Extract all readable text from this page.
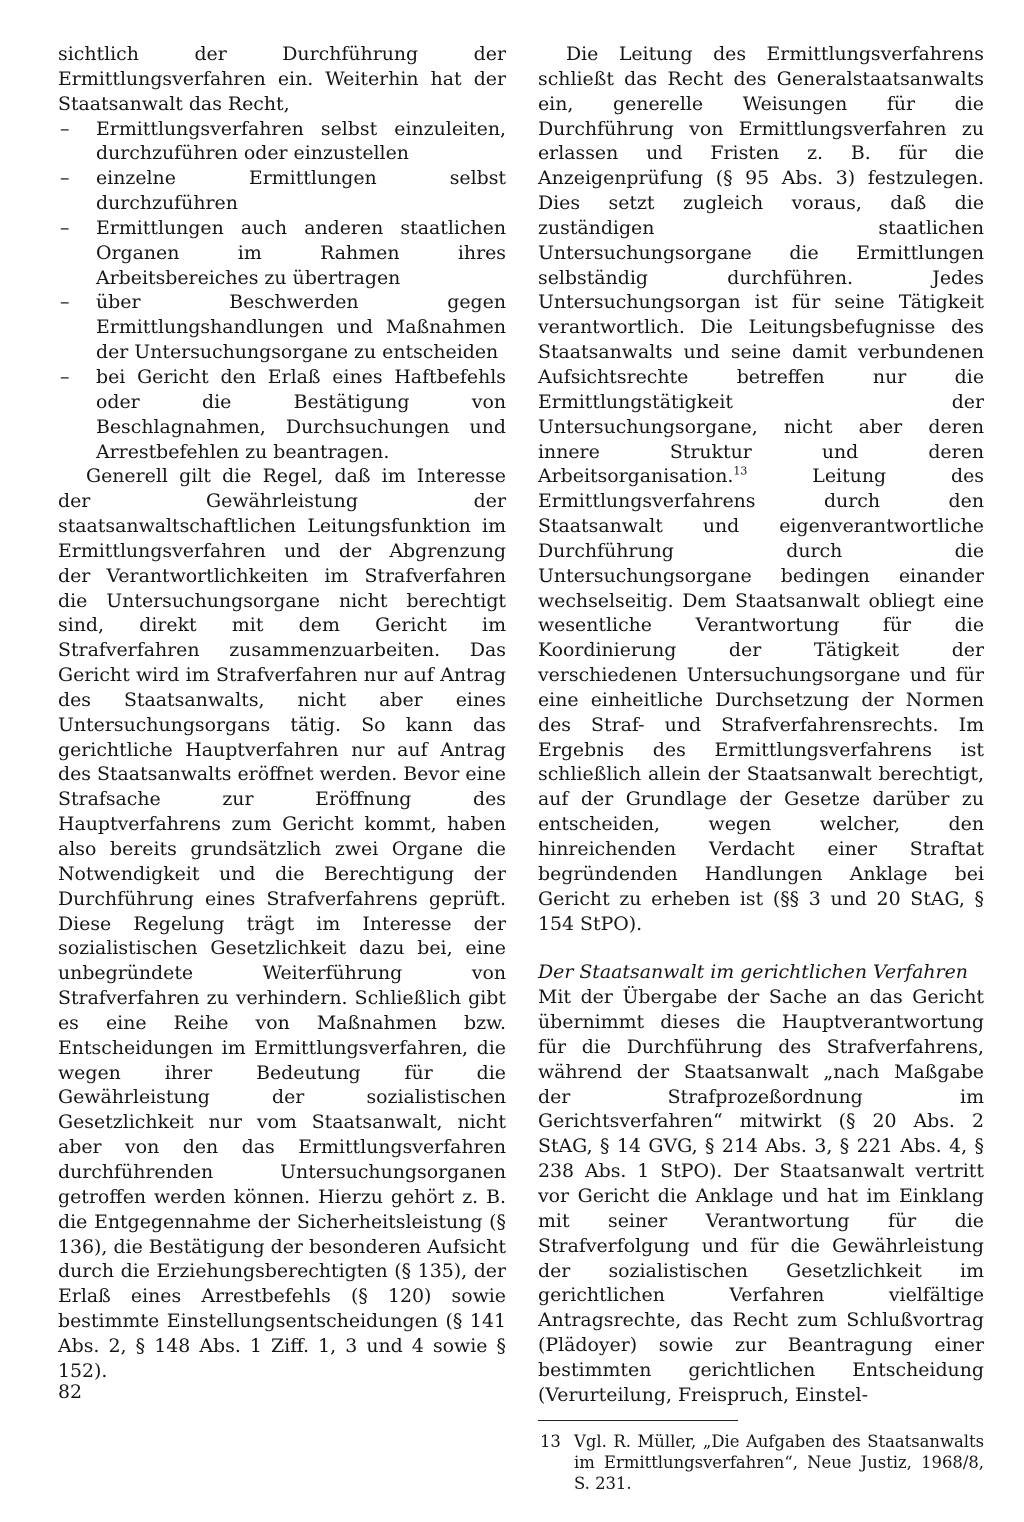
sichtlich der Durchführung der Ermittlungsverfahren ein. Weiterhin hat der Staatsanwalt das Recht,

– Ermittlungsverfahren selbst einzuleiten, durchzuführen oder einzustellen
– einzelne Ermittlungen selbst durchzuführen
– Ermittlungen auch anderen staatlichen Organen im Rahmen ihres Arbeitsbereiches zu übertragen
– über Beschwerden gegen Ermittlungshandlungen und Maßnahmen der Untersuchungsorgane zu entscheiden
– bei Gericht den Erlaß eines Haftbefehls oder die Bestätigung von Beschlagnahmen, Durchsuchungen und Arrestbefehlen zu beantragen.

Generell gilt die Regel, daß im Interesse der Gewährleistung der staatsanwaltschaftlichen Leitungsfunktion im Ermittlungsverfahren und der Abgrenzung der Verantwortlichkeiten im Strafverfahren die Untersuchungsorgane nicht berechtigt sind, direkt mit dem Gericht im Strafverfahren zusammenzuarbeiten. Das Gericht wird im Strafverfahren nur auf Antrag des Staatsanwalts, nicht aber eines Untersuchungsorgans tätig. So kann das gerichtliche Hauptverfahren nur auf Antrag des Staatsanwalts eröffnet werden. Bevor eine Strafsache zur Eröffnung des Hauptverfahrens zum Gericht kommt, haben also bereits grundsätzlich zwei Organe die Notwendigkeit und die Berechtigung der Durchführung eines Strafverfahrens geprüft. Diese Regelung trägt im Interesse der sozialistischen Gesetzlichkeit dazu bei, eine unbegründete Weiterführung von Strafverfahren zu verhindern. Schließlich gibt es eine Reihe von Maßnahmen bzw. Entscheidungen im Ermittlungsverfahren, die wegen ihrer Bedeutung für die Gewährleistung der sozialistischen Gesetzlichkeit nur vom Staatsanwalt, nicht aber von den das Ermittlungsverfahren durchführenden Untersuchungsorganen getroffen werden können. Hierzu gehört z. B. die Entgegennahme der Sicherheitsleistung (§ 136), die Bestätigung der besonderen Aufsicht durch die Erziehungsberechtigten (§ 135), der Erlaß eines Arrestbefehls (§ 120) sowie bestimmte Einstellungsentscheidungen (§ 141 Abs. 2, § 148 Abs. 1 Ziff. 1, 3 und 4 sowie § 152).

Die Leitung des Ermittlungsverfahrens schließt das Recht des Generalstaatsanwalts ein, generelle Weisungen für die Durchführung von Ermittlungsverfahren zu erlassen und Fristen z. B. für die Anzeigenprüfung (§ 95 Abs. 3) festzulegen. Dies setzt zugleich voraus, daß die zuständigen staatlichen Untersuchungsorgane die Ermittlungen selbständig durchführen. Jedes Untersuchungsorgan ist für seine Tätigkeit verantwortlich. Die Leitungsbefugnisse des Staatsanwalts und seine damit verbundenen Aufsichtsrechte betreffen nur die Ermittlungstätigkeit der Untersuchungsorgane, nicht aber deren innere Struktur und deren Arbeitsorganisation.$^{13}$ Leitung des Ermittlungsverfahrens durch den Staatsanwalt und eigenverantwortliche Durchführung durch die Untersuchungsorgane bedingen einander wechselseitig. Dem Staatsanwalt obliegt eine wesentliche Verantwortung für die Koordinierung der Tätigkeit der verschiedenen Untersuchungsorgane und für eine einheitliche Durchsetzung der Normen des Straf- und Strafverfahrensrechts. Im Ergebnis des Ermittlungsverfahrens ist schließlich allein der Staatsanwalt berechtigt, auf der Grundlage der Gesetze darüber zu entscheiden, wegen welcher, den hinreichenden Verdacht einer Straftat begründenden Handlungen Anklage bei Gericht zu erheben ist (§§ 3 und 20 StAG, § 154 StPO).

Der Staatsanwalt im gerichtlichen Verfahren

Mit der Übergabe der Sache an das Gericht übernimmt dieses die Hauptverantwortung für die Durchführung des Strafverfahrens, während der Staatsanwalt „nach Maßgabe der Strafprozeßordnung im Gerichtsverfahren“ mitwirkt (§ 20 Abs. 2 StAG, § 14 GVG, § 214 Abs. 3, § 221 Abs. 4, § 238 Abs. 1 StPO). Der Staatsanwalt vertritt vor Gericht die Anklage und hat im Einklang mit seiner Verantwortung für die Strafverfolgung und für die Gewährleistung der sozialistischen Gesetzlichkeit im gerichtlichen Verfahren vielfältige Antragsrechte, das Recht zum Schlußvortrag (Plädoyer) sowie zur Beantragung einer bestimmten gerichtlichen Entscheidung (Verurteilung, Freispruch, Einstel-

13 Vgl. R. Müller, „Die Aufgaben des Staatsanwalts im Ermittlungsverfahren“, Neue Justiz, 1968/8, S. 231.
82
